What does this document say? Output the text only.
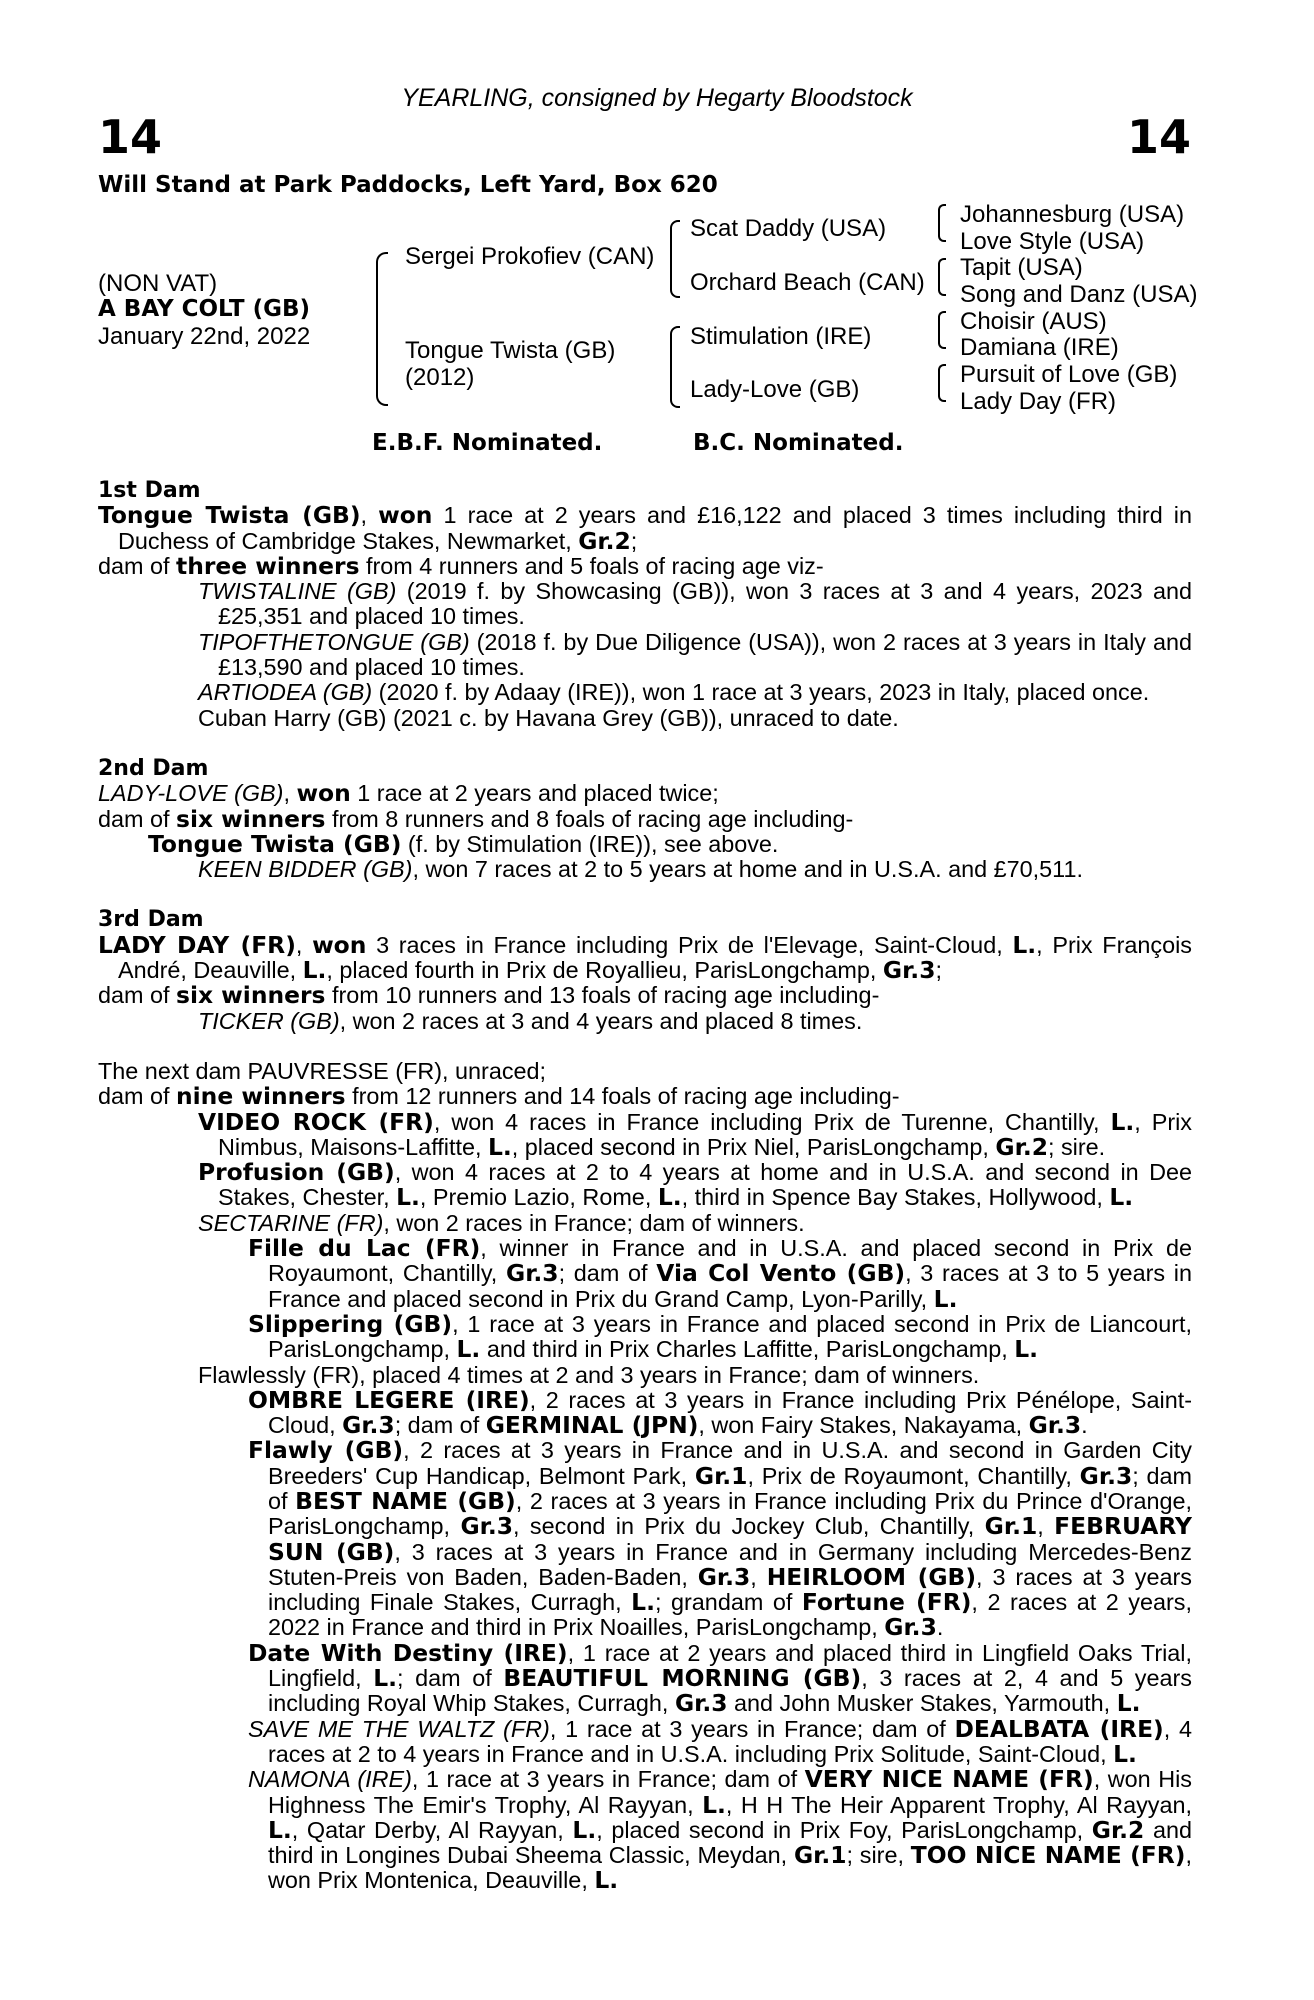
YEARLING, consigned by Hegarty Bloodstock
14	14
Will Stand at Park Paddocks, Left Yard, Box 620
(NON VAT)
A BAY COLT (GB)
January 22nd, 2022
Sergei Prokofiev (CAN)
Tongue Twista (GB)
(2012)
Scat Daddy (USA)
Orchard Beach (CAN)
Stimulation (IRE)
Lady-Love (GB)
Johannesburg (USA)
Love Style (USA)
Tapit (USA)
Song and Danz (USA)
Choisir (AUS)
Damiana (IRE)
Pursuit of Love (GB)
Lady Day (FR)
E.B.F. Nominated.	B.C. Nominated.

1st Dam

Tongue Twista (GB), won 1 race at 2 years and £16,122 and placed 3 times including third in Duchess of Cambridge Stakes, Newmarket, Gr.2;

dam of three winners from 4 runners and 5 foals of racing age viz-

TWISTALINE (GB) (2019 f. by Showcasing (GB)), won 3 races at 3 and 4 years, 2023 and £25,351 and placed 10 times.

TIPOFTHETONGUE (GB) (2018 f. by Due Diligence (USA)), won 2 races at 3 years in Italy and £13,590 and placed 10 times.

ARTIODEA (GB) (2020 f. by Adaay (IRE)), won 1 race at 3 years, 2023 in Italy, placed once.

Cuban Harry (GB) (2021 c. by Havana Grey (GB)), unraced to date.

2nd Dam

LADY-LOVE (GB), won 1 race at 2 years and placed twice;

dam of six winners from 8 runners and 8 foals of racing age including-

Tongue Twista (GB) (f. by Stimulation (IRE)), see above.

KEEN BIDDER (GB), won 7 races at 2 to 5 years at home and in U.S.A. and £70,511.

3rd Dam

LADY DAY (FR), won 3 races in France including Prix de l'Elevage, Saint-Cloud, L., Prix François André, Deauville, L., placed fourth in Prix de Royallieu, ParisLongchamp, Gr.3;

dam of six winners from 10 runners and 13 foals of racing age including-

TICKER (GB), won 2 races at 3 and 4 years and placed 8 times.

The next dam PAUVRESSE (FR), unraced;

dam of nine winners from 12 runners and 14 foals of racing age including-

VIDEO ROCK (FR), won 4 races in France including Prix de Turenne, Chantilly, L., Prix Nimbus, Maisons-Laffitte, L., placed second in Prix Niel, ParisLongchamp, Gr.2; sire.

Profusion (GB), won 4 races at 2 to 4 years at home and in U.S.A. and second in Dee Stakes, Chester, L., Premio Lazio, Rome, L., third in Spence Bay Stakes, Hollywood, L.

SECTARINE (FR), won 2 races in France; dam of winners.

Fille du Lac (FR), winner in France and in U.S.A. and placed second in Prix de Royaumont, Chantilly, Gr.3; dam of Via Col Vento (GB), 3 races at 3 to 5 years in France and placed second in Prix du Grand Camp, Lyon-Parilly, L.

Slippering (GB), 1 race at 3 years in France and placed second in Prix de Liancourt, ParisLongchamp, L. and third in Prix Charles Laffitte, ParisLongchamp, L.

Flawlessly (FR), placed 4 times at 2 and 3 years in France; dam of winners.

OMBRE LEGERE (IRE), 2 races at 3 years in France including Prix Pénélope, Saint-Cloud, Gr.3; dam of GERMINAL (JPN), won Fairy Stakes, Nakayama, Gr.3.

Flawly (GB), 2 races at 3 years in France and in U.S.A. and second in Garden City Breeders' Cup Handicap, Belmont Park, Gr.1, Prix de Royaumont, Chantilly, Gr.3; dam of BEST NAME (GB), 2 races at 3 years in France including Prix du Prince d'Orange, ParisLongchamp, Gr.3, second in Prix du Jockey Club, Chantilly, Gr.1, FEBRUARY SUN (GB), 3 races at 3 years in France and in Germany including Mercedes-Benz Stuten-Preis von Baden, Baden-Baden, Gr.3, HEIRLOOM (GB), 3 races at 3 years including Finale Stakes, Curragh, L.; grandam of Fortune (FR), 2 races at 2 years, 2022 in France and third in Prix Noailles, ParisLongchamp, Gr.3.

Date With Destiny (IRE), 1 race at 2 years and placed third in Lingfield Oaks Trial, Lingfield, L.; dam of BEAUTIFUL MORNING (GB), 3 races at 2, 4 and 5 years including Royal Whip Stakes, Curragh, Gr.3 and John Musker Stakes, Yarmouth, L.

SAVE ME THE WALTZ (FR), 1 race at 3 years in France; dam of DEALBATA (IRE), 4 races at 2 to 4 years in France and in U.S.A. including Prix Solitude, Saint-Cloud, L.

NAMONA (IRE), 1 race at 3 years in France; dam of VERY NICE NAME (FR), won His Highness The Emir's Trophy, Al Rayyan, L., H H The Heir Apparent Trophy, Al Rayyan, L., Qatar Derby, Al Rayyan, L., placed second in Prix Foy, ParisLongchamp, Gr.2 and third in Longines Dubai Sheema Classic, Meydan, Gr.1; sire, TOO NICE NAME (FR), won Prix Montenica, Deauville, L.
